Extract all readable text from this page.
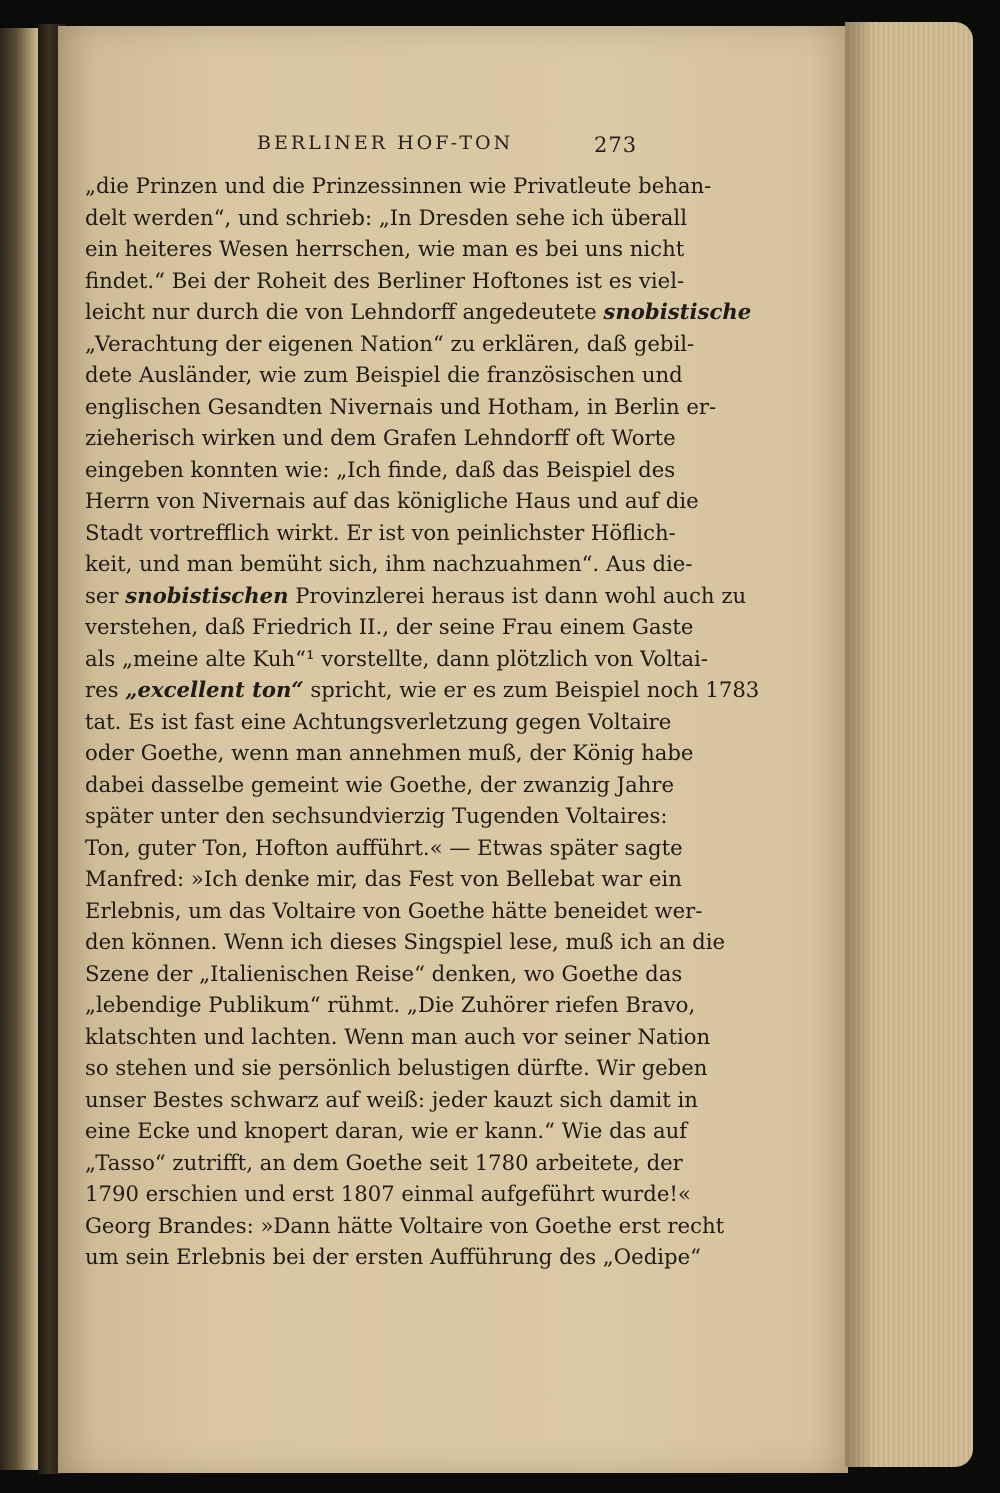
BERLINER HOF-TON	273
„die Prinzen und die Prinzessinnen wie Privatleute behan-
delt werden“, und schrieb: „In Dresden sehe ich überall
ein heiteres Wesen herrschen, wie man es bei uns nicht
findet.“ Bei der Roheit des Berliner Hoftones ist es viel-
leicht nur durch die von Lehndorff angedeutete snobistische
„Verachtung der eigenen Nation“ zu erklären, daß gebil-
dete Ausländer, wie zum Beispiel die französischen und
englischen Gesandten Nivernais und Hotham, in Berlin er-
zieherisch wirken und dem Grafen Lehndorff oft Worte
eingeben konnten wie: „Ich finde, daß das Beispiel des
Herrn von Nivernais auf das königliche Haus und auf die
Stadt vortrefflich wirkt. Er ist von peinlichster Höflich-
keit, und man bemüht sich, ihm nachzuahmen“. Aus die-
ser snobistischen Provinzlerei heraus ist dann wohl auch zu
verstehen, daß Friedrich II., der seine Frau einem Gaste
als „meine alte Kuh“¹ vorstellte, dann plötzlich von Voltai-
res „excellent ton“ spricht, wie er es zum Beispiel noch 1783
tat. Es ist fast eine Achtungsverletzung gegen Voltaire
oder Goethe, wenn man annehmen muß, der König habe
dabei dasselbe gemeint wie Goethe, der zwanzig Jahre
später unter den sechsundvierzig Tugenden Voltaires:
Ton, guter Ton, Hofton aufführt.« — Etwas später sagte
Manfred: »Ich denke mir, das Fest von Bellebat war ein
Erlebnis, um das Voltaire von Goethe hätte beneidet wer-
den können. Wenn ich dieses Singspiel lese, muß ich an die
Szene der „Italienischen Reise“ denken, wo Goethe das
„lebendige Publikum“ rühmt. „Die Zuhörer riefen Bravo,
klatschten und lachten. Wenn man auch vor seiner Nation
so stehen und sie persönlich belustigen dürfte. Wir geben
unser Bestes schwarz auf weiß: jeder kauzt sich damit in
eine Ecke und knopert daran, wie er kann.“ Wie das auf
„Tasso“ zutrifft, an dem Goethe seit 1780 arbeitete, der
1790 erschien und erst 1807 einmal aufgeführt wurde!«
Georg Brandes: »Dann hätte Voltaire von Goethe erst recht
um sein Erlebnis bei der ersten Aufführung des „Oedipe“
